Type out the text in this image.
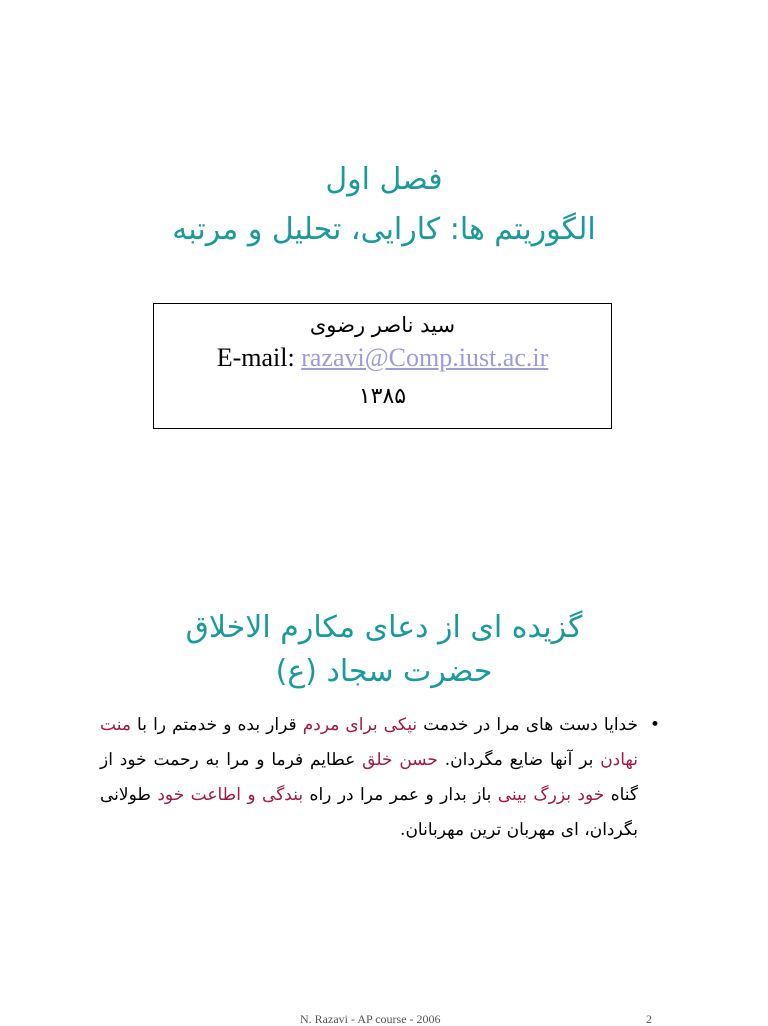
فصل اول
الگوریتم ها: کارایی، تحلیل و مرتبه
سید ناصر رضوی
E-mail: razavi@Comp.iust.ac.ir
۱۳۸۵
گزیده ای از دعای مکارم الاخلاق
حضرت سجاد (ع)
•
خدایا دست های مرا در خدمت نیکی برای مردم قرار بده و خدمتم را با منت نهادن بر آنها ضایع مگردان. حسن خلق عطایم فرما و مرا به رحمت خود از گناه خود بزرگ بینی باز بدار و عمر مرا در راه بندگی و اطاعت خود طولانی بگردان، ای مهربان ترین مهربانان.
N. Razavi - AP course - 2006	2
